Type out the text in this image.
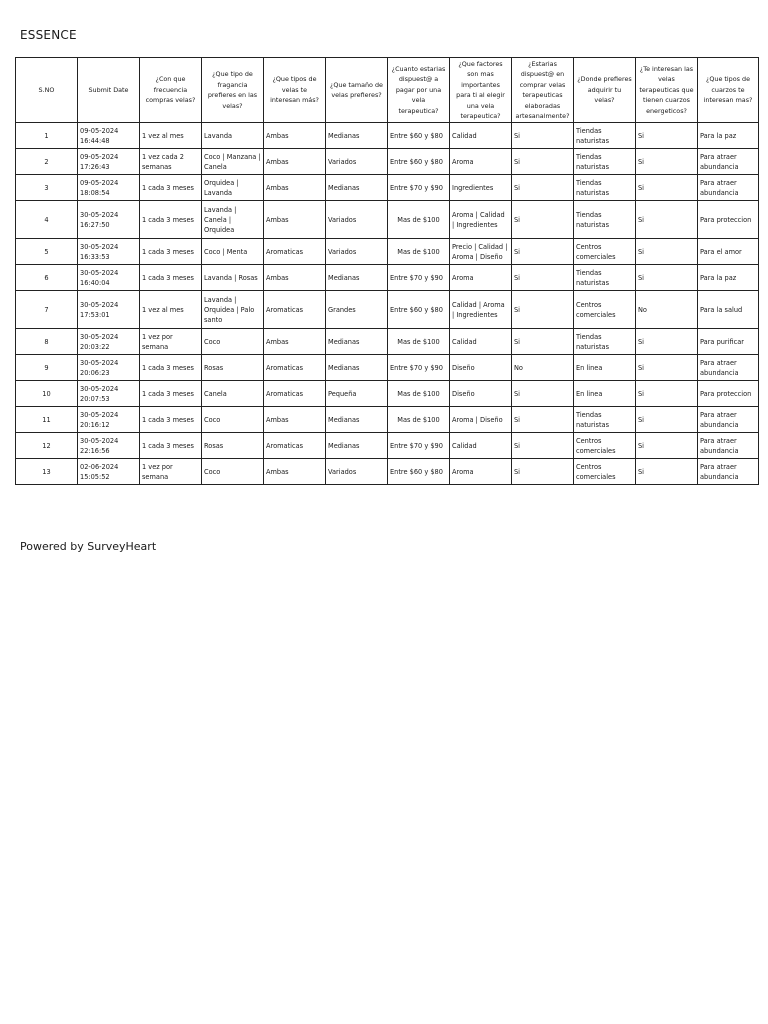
ESSENCE
S.NO	Submit Date	¿Con que frecuencia compras velas?	¿Que tipo de fragancia prefieres en las velas?	¿Que tipos de velas te interesan más?	¿Que tamaño de velas prefieres?	¿Cuanto estarias dispuest@ a pagar por una vela terapeutica?	¿Que factores son mas importantes para ti al elegir una vela terapeutica?	¿Estarias dispuest@ en comprar velas terapeuticas elaboradas artesanalmente?	¿Donde prefieres adquirir tu velas?	¿Te interesan las velas terapeuticas que tienen cuarzos energeticos?	¿Que tipos de cuarzos te interesan mas?
1	09-05-2024 16:44:48	1 vez al mes	Lavanda	Ambas	Medianas	Entre $60 y $80	Calidad	Si	Tiendas naturistas	Si	Para la paz
2	09-05-2024 17:26:43	1 vez cada 2 semanas	Coco | Manzana | Canela	Ambas	Variados	Entre $60 y $80	Aroma	Si	Tiendas naturistas	Si	Para atraer abundancia
3	09-05-2024 18:08:54	1 cada 3 meses	Orquidea | Lavanda	Ambas	Medianas	Entre $70 y $90	Ingredientes	Si	Tiendas naturistas	Si	Para atraer abundancia
4	30-05-2024 16:27:50	1 cada 3 meses	Lavanda | Canela | Orquidea	Ambas	Variados	Mas de $100	Aroma | Calidad | Ingredientes	Si	Tiendas naturistas	Si	Para proteccion
5	30-05-2024 16:33:53	1 cada 3 meses	Coco | Menta	Aromaticas	Variados	Mas de $100	Precio | Calidad | Aroma | Diseño	Si	Centros comerciales	Si	Para el amor
6	30-05-2024 16:40:04	1 cada 3 meses	Lavanda | Rosas	Ambas	Medianas	Entre $70 y $90	Aroma	Si	Tiendas naturistas	Si	Para la paz
7	30-05-2024 17:53:01	1 vez al mes	Lavanda | Orquidea | Palo santo	Aromaticas	Grandes	Entre $60 y $80	Calidad | Aroma | Ingredientes	Si	Centros comerciales	No	Para la salud
8	30-05-2024 20:03:22	1 vez por semana	Coco	Ambas	Medianas	Mas de $100	Calidad	Si	Tiendas naturistas	Si	Para purificar
9	30-05-2024 20:06:23	1 cada 3 meses	Rosas	Aromaticas	Medianas	Entre $70 y $90	Diseño	No	En linea	Si	Para atraer abundancia
10	30-05-2024 20:07:53	1 cada 3 meses	Canela	Aromaticas	Pequeña	Mas de $100	Diseño	Si	En linea	Si	Para proteccion
11	30-05-2024 20:16:12	1 cada 3 meses	Coco	Ambas	Medianas	Mas de $100	Aroma | Diseño	Si	Tiendas naturistas	Si	Para atraer abundancia
12	30-05-2024 22:16:56	1 cada 3 meses	Rosas	Aromaticas	Medianas	Entre $70 y $90	Calidad	Si	Centros comerciales	Si	Para atraer abundancia
13	02-06-2024 15:05:52	1 vez por semana	Coco	Ambas	Variados	Entre $60 y $80	Aroma	Si	Centros comerciales	Si	Para atraer abundancia
Powered by SurveyHeart
